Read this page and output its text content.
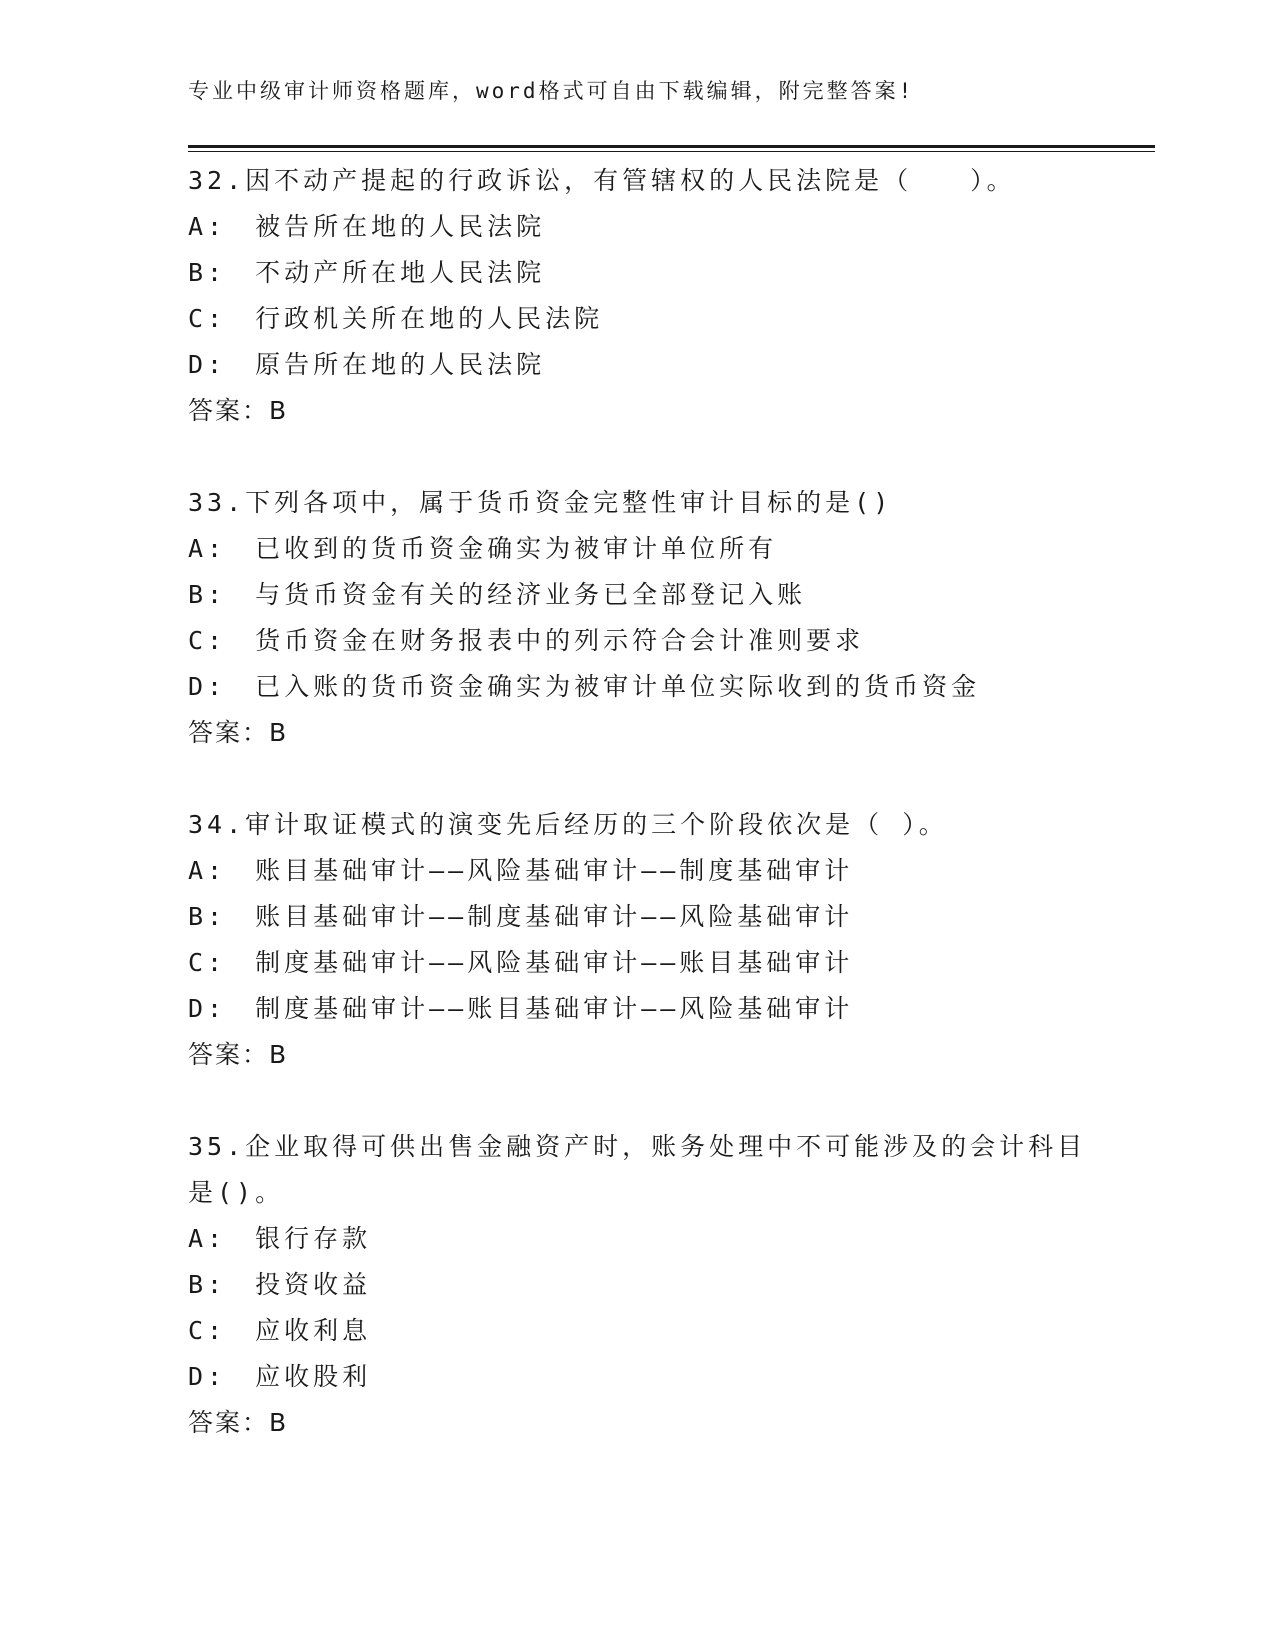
专业中级审计师资格题库，word格式可自由下载编辑，附完整答案!
32.因不动产提起的行政诉讼，有管辖权的人民法院是（　　）。
A:　被告所在地的人民法院
B:　不动产所在地人民法院
C:　行政机关所在地的人民法院
D:　原告所在地的人民法院
答案：B
33.下列各项中，属于货币资金完整性审计目标的是()
A:　已收到的货币资金确实为被审计单位所有
B:　与货币资金有关的经济业务已全部登记入账
C:　货币资金在财务报表中的列示符合会计准则要求
D:　已入账的货币资金确实为被审计单位实际收到的货币资金
答案：B
34.审计取证模式的演变先后经历的三个阶段依次是（ ）。
A:　账目基础审计——风险基础审计——制度基础审计
B:　账目基础审计——制度基础审计——风险基础审计
C:　制度基础审计——风险基础审计——账目基础审计
D:　制度基础审计——账目基础审计——风险基础审计
答案：B
35.企业取得可供出售金融资产时，账务处理中不可能涉及的会计科目是()。
A:　银行存款
B:　投资收益
C:　应收利息
D:　应收股利
答案：B
